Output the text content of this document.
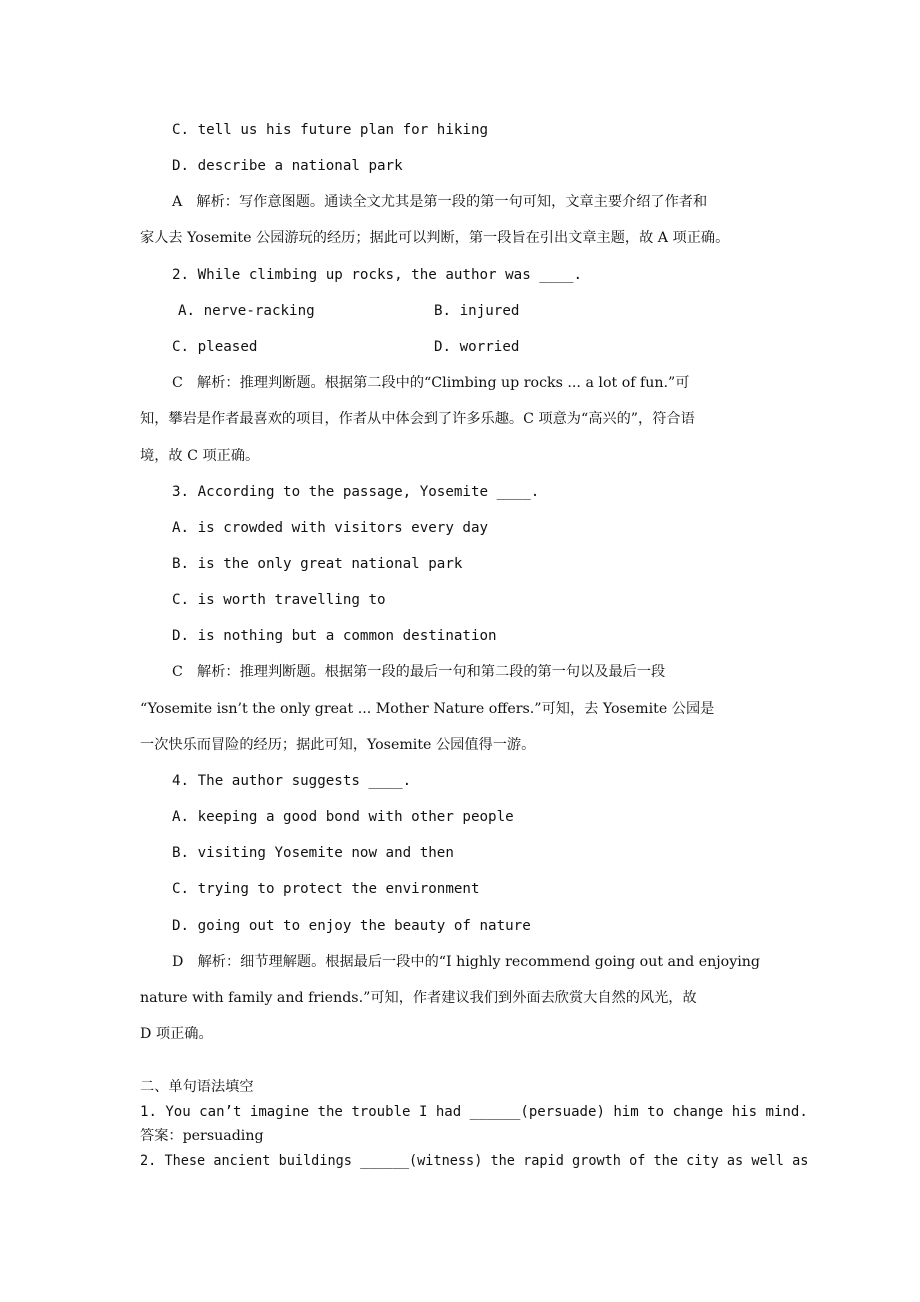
C. tell us his future plan for hiking
D. describe a national park
A　解析：写作意图题。通读全文尤其是第一段的第一句可知，文章主要介绍了作者和
家人去 Yosemite 公园游玩的经历；据此可以判断，第一段旨在引出文章主题，故 A 项正确。
2. While climbing up rocks, the author was ____.
A. nerve-racking	B. injured
C. pleased	D. worried
C　解析：推理判断题。根据第二段中的“Climbing up rocks ... a lot of fun.”可
知，攀岩是作者最喜欢的项目，作者从中体会到了许多乐趣。C 项意为“高兴的”，符合语
境，故 C 项正确。
3. According to the passage, Yosemite ____.
A. is crowded with visitors every day
B. is the only great national park
C. is worth travelling to
D. is nothing but a common destination
C　解析：推理判断题。根据第一段的最后一句和第二段的第一句以及最后一段
“Yosemite isn’t the only great ... Mother Nature offers.”可知，去 Yosemite 公园是
一次快乐而冒险的经历；据此可知，Yosemite 公园值得一游。
4. The author suggests ____.
A. keeping a good bond with other people
B. visiting Yosemite now and then
C. trying to protect the environment
D. going out to enjoy the beauty of nature
D　解析：细节理解题。根据最后一段中的“I highly recommend going out and enjoying
nature with family and friends.”可知，作者建议我们到外面去欣赏大自然的风光，故
D 项正确。
二、单句语法填空
1. You can’t imagine the trouble I had ______(persuade) him to change his mind.
答案：persuading
2. These ancient buildings ______(witness) the rapid growth of the city as well as
